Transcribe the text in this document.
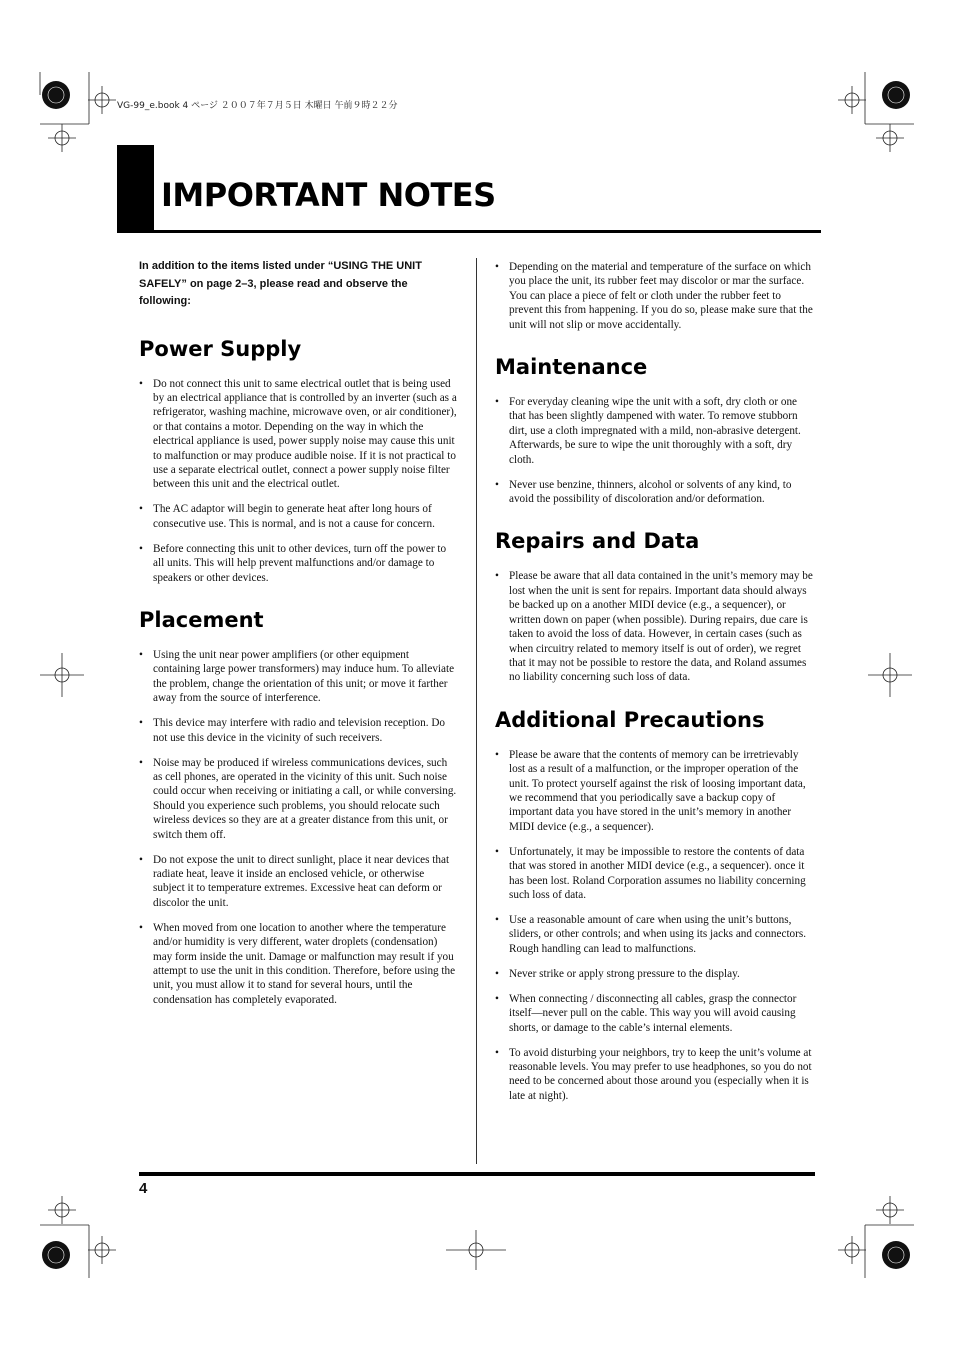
VG-99_e.book 4 ページ ２００７年７月５日 木曜日 午前９時２２分
IMPORTANT NOTES

In addition to the items listed under “USING THE UNIT SAFELY” on page 2–3, please read and observe the following:

Power Supply
• Do not connect this unit to same electrical outlet that is being used by an electrical appliance that is controlled by an inverter (such as a refrigerator, washing machine, microwave oven, or air conditioner), or that contains a motor. Depending on the way in which the electrical appliance is used, power supply noise may cause this unit to malfunction or may produce audible noise. If it is not practical to use a separate electrical outlet, connect a power supply noise filter between this unit and the electrical outlet.
• The AC adaptor will begin to generate heat after long hours of consecutive use. This is normal, and is not a cause for concern.
• Before connecting this unit to other devices, turn off the power to all units. This will help prevent malfunctions and/or damage to speakers or other devices.
Placement
• Using the unit near power amplifiers (or other equipment containing large power transformers) may induce hum. To alleviate the problem, change the orientation of this unit; or move it farther away from the source of interference.
• This device may interfere with radio and television reception. Do not use this device in the vicinity of such receivers.
• Noise may be produced if wireless communications devices, such as cell phones, are operated in the vicinity of this unit. Such noise could occur when receiving or initiating a call, or while conversing. Should you experience such problems, you should relocate such wireless devices so they are at a greater distance from this unit, or switch them off.
• Do not expose the unit to direct sunlight, place it near devices that radiate heat, leave it inside an enclosed vehicle, or otherwise subject it to temperature extremes. Excessive heat can deform or discolor the unit.
• When moved from one location to another where the temperature and/or humidity is very different, water droplets (condensation) may form inside the unit. Damage or malfunction may result if you attempt to use the unit in this condition. Therefore, before using the unit, you must allow it to stand for several hours, until the condensation has completely evaporated.
• Depending on the material and temperature of the surface on which you place the unit, its rubber feet may discolor or mar the surface.
You can place a piece of felt or cloth under the rubber feet to prevent this from happening. If you do so, please make sure that the unit will not slip or move accidentally.
Maintenance
• For everyday cleaning wipe the unit with a soft, dry cloth or one that has been slightly dampened with water. To remove stubborn dirt, use a cloth impregnated with a mild, non-abrasive detergent. Afterwards, be sure to wipe the unit thoroughly with a soft, dry cloth.
• Never use benzine, thinners, alcohol or solvents of any kind, to avoid the possibility of discoloration and/or deformation.
Repairs and Data
• Please be aware that all data contained in the unit’s memory may be lost when the unit is sent for repairs. Important data should always be backed up on a another MIDI device (e.g., a sequencer), or written down on paper (when possible). During repairs, due care is taken to avoid the loss of data. However, in certain cases (such as when circuitry related to memory itself is out of order), we regret that it may not be possible to restore the data, and Roland assumes no liability concerning such loss of data.
Additional Precautions
• Please be aware that the contents of memory can be irretrievably lost as a result of a malfunction, or the improper operation of the unit. To protect yourself against the risk of loosing important data, we recommend that you periodically save a backup copy of important data you have stored in the unit’s memory in another MIDI device (e.g., a sequencer).
• Unfortunately, it may be impossible to restore the contents of data that was stored in another MIDI device (e.g., a sequencer). once it has been lost. Roland Corporation assumes no liability concerning such loss of data.
• Use a reasonable amount of care when using the unit’s buttons, sliders, or other controls; and when using its jacks and connectors. Rough handling can lead to malfunctions.
• Never strike or apply strong pressure to the display.
• When connecting / disconnecting all cables, grasp the connector itself—never pull on the cable. This way you will avoid causing shorts, or damage to the cable’s internal elements.
• To avoid disturbing your neighbors, try to keep the unit’s volume at reasonable levels. You may prefer to use headphones, so you do not need to be concerned about those around you (especially when it is late at night).
4
